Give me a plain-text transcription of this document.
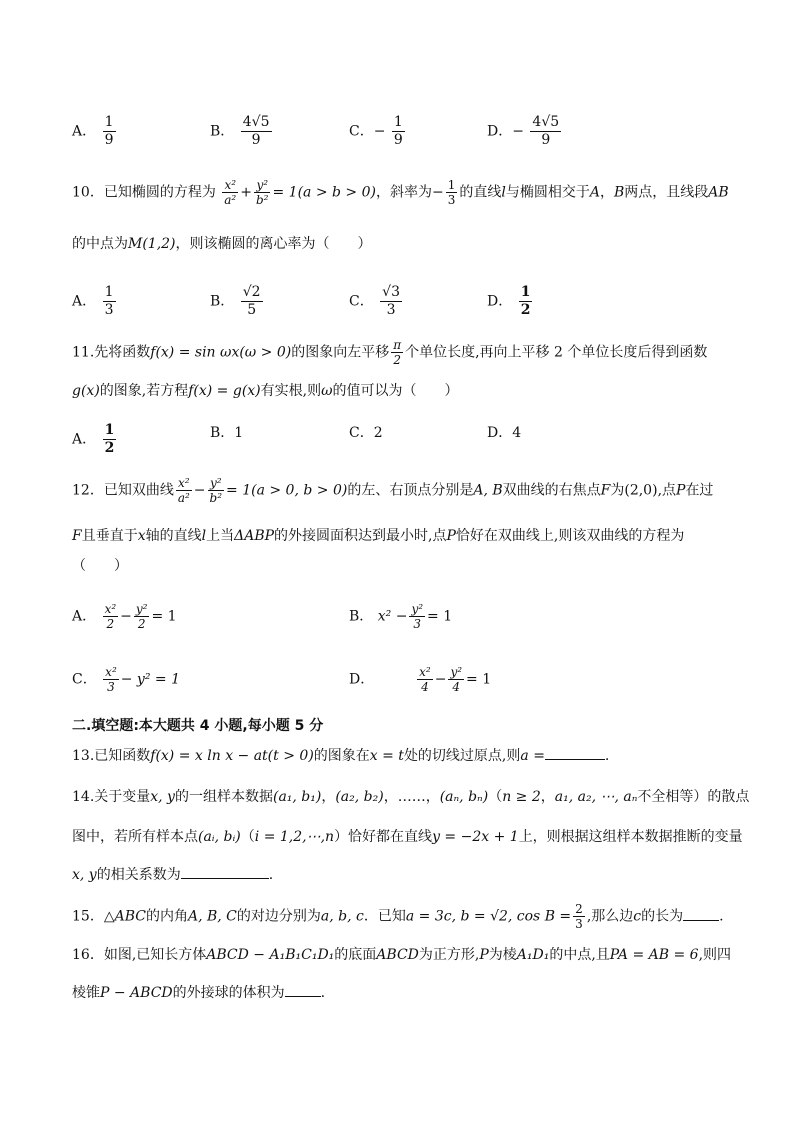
A． $\frac{1}{9}$	B． $\frac{4√5}{9}$	C．− $\frac{1}{9}$	D．− $\frac{4√5}{9}$
10．已知椭圆的方程为 $\frac{\text{x²}}{\text{a²}} + \frac{\text{y²}}{\text{b²}} = 1(a > b > 0)$，斜率为− $\frac{1}{3}$ 的直线l与椭圆相交于A，B两点，且线段AB
的中点为M(1,2)，则该椭圆的离心率为（　　）
A． $\frac{1}{3}$	B． $\frac{√2}{5}$	C． $\frac{√3}{3}$	D． $\frac{1}{2}$
11.先将函数f(x) = sin ωx(ω > 0)的图象向左平移 $\frac{\pi}{2}$ 个单位长度,再向上平移 2 个单位长度后得到函数
g(x)的图象,若方程f(x) = g(x)有实根,则ω的值可以为（　　）
A． $\frac{1}{2}$	B．1	C．2	D．4
12．已知双曲线 $\frac{\text{x²}}{\text{a²}} - \frac{\text{y²}}{\text{b²}} = 1(a > 0$, b > 0)的左、右顶点分别是A, B双曲线的右焦点F为(2,0),点P在过
F且垂直于x轴的直线l上当ΔABP的外接圆面积达到最小时,点P恰好在双曲线上,则该双曲线的方程为
（　　）
A． $\frac{\text{x²}}{2} - \frac{\text{y²}}{2} = 1$	B． $x^2 - \frac{\text{y²}}{3} = 1$
C． $\frac{\text{x²}}{3} - y^2 = 1$	D．	$\frac{\text{x²}}{4} - \frac{\text{y²}}{4} = 1$
二.填空题:本大题共 4 小题,每小题 5 分
13.已知函数f(x) = x ln x − at(t > 0)的图象在x = t处的切线过原点,则a =	.
14.关于变量x, y的一组样本数据(a₁, b₁)，(a₂, b₂)，……，(aₙ, bₙ)（n ≥ 2，a₁, a₂, ⋯, aₙ不全相等）的散点
图中，若所有样本点(aᵢ, bᵢ)（i = 1,2,⋯,n）恰好都在直线y = −2x + 1上，则根据这组样本数据推断的变量
x, y的相关系数为	.
15．△ABC的内角A, B, C的对边分别为a, b, c．已知a = 3c, b = √2, $\cos B = \frac{2}{3}$ ,那么边c的长为	.
16．如图,已知长方体ABCD − A₁B₁C₁D₁的底面ABCD为正方形,P为棱A₁D₁的中点,且PA = AB = 6,则四
棱锥P − ABCD的外接球的体积为	.
